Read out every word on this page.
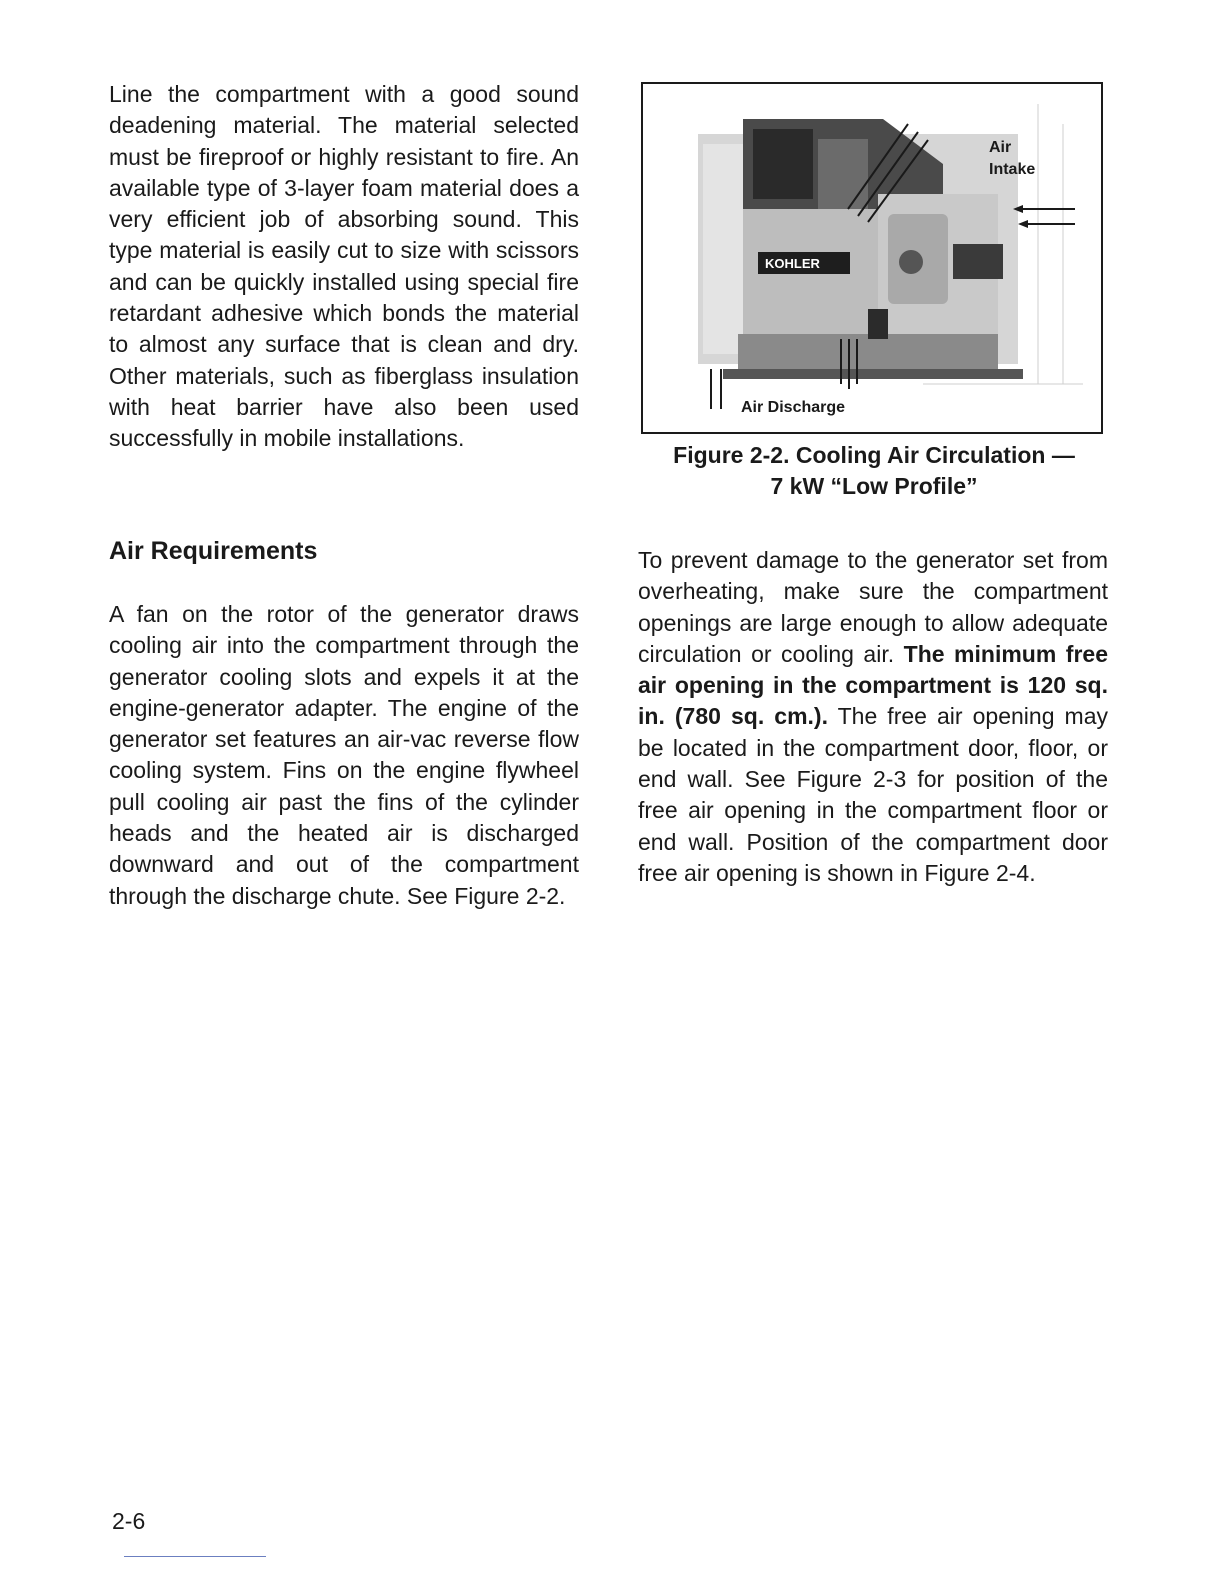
Line the compartment with a good sound deadening material. The material selected must be fireproof or highly resistant to fire. An available type of 3-layer foam material does a very efficient job of absorbing sound. This type material is easily cut to size with scissors and can be quickly installed using special fire retardant adhesive which bonds the material to almost any surface that is clean and dry. Other materials, such as fiberglass insulation with heat barrier have also been used successfully in mobile installations.

Air Requirements

A fan on the rotor of the generator draws cooling air into the compartment through the generator cooling slots and expels it at the engine-generator adapter. The engine of the generator set features an air-vac reverse flow cooling system. Fins on the engine flywheel pull cooling air past the fins of the cylinder heads and the heated air is discharged downward and out of the compartment through the discharge chute. See Figure 2-2.

KOHLER
Air
Intake
Air Discharge
Figure 2-2. Cooling Air Circulation —
7 kW “Low Profile”

To prevent damage to the generator set from overheating, make sure the compartment openings are large enough to allow adequate circulation or cooling air. The minimum free air opening in the compartment is 120 sq. in. (780 sq. cm.). The free air opening may be located in the compartment door, floor, or end wall. See Figure 2-3 for position of the free air opening in the compartment floor or end wall. Position of the compartment door free air opening is shown in Figure 2-4.

2-6
